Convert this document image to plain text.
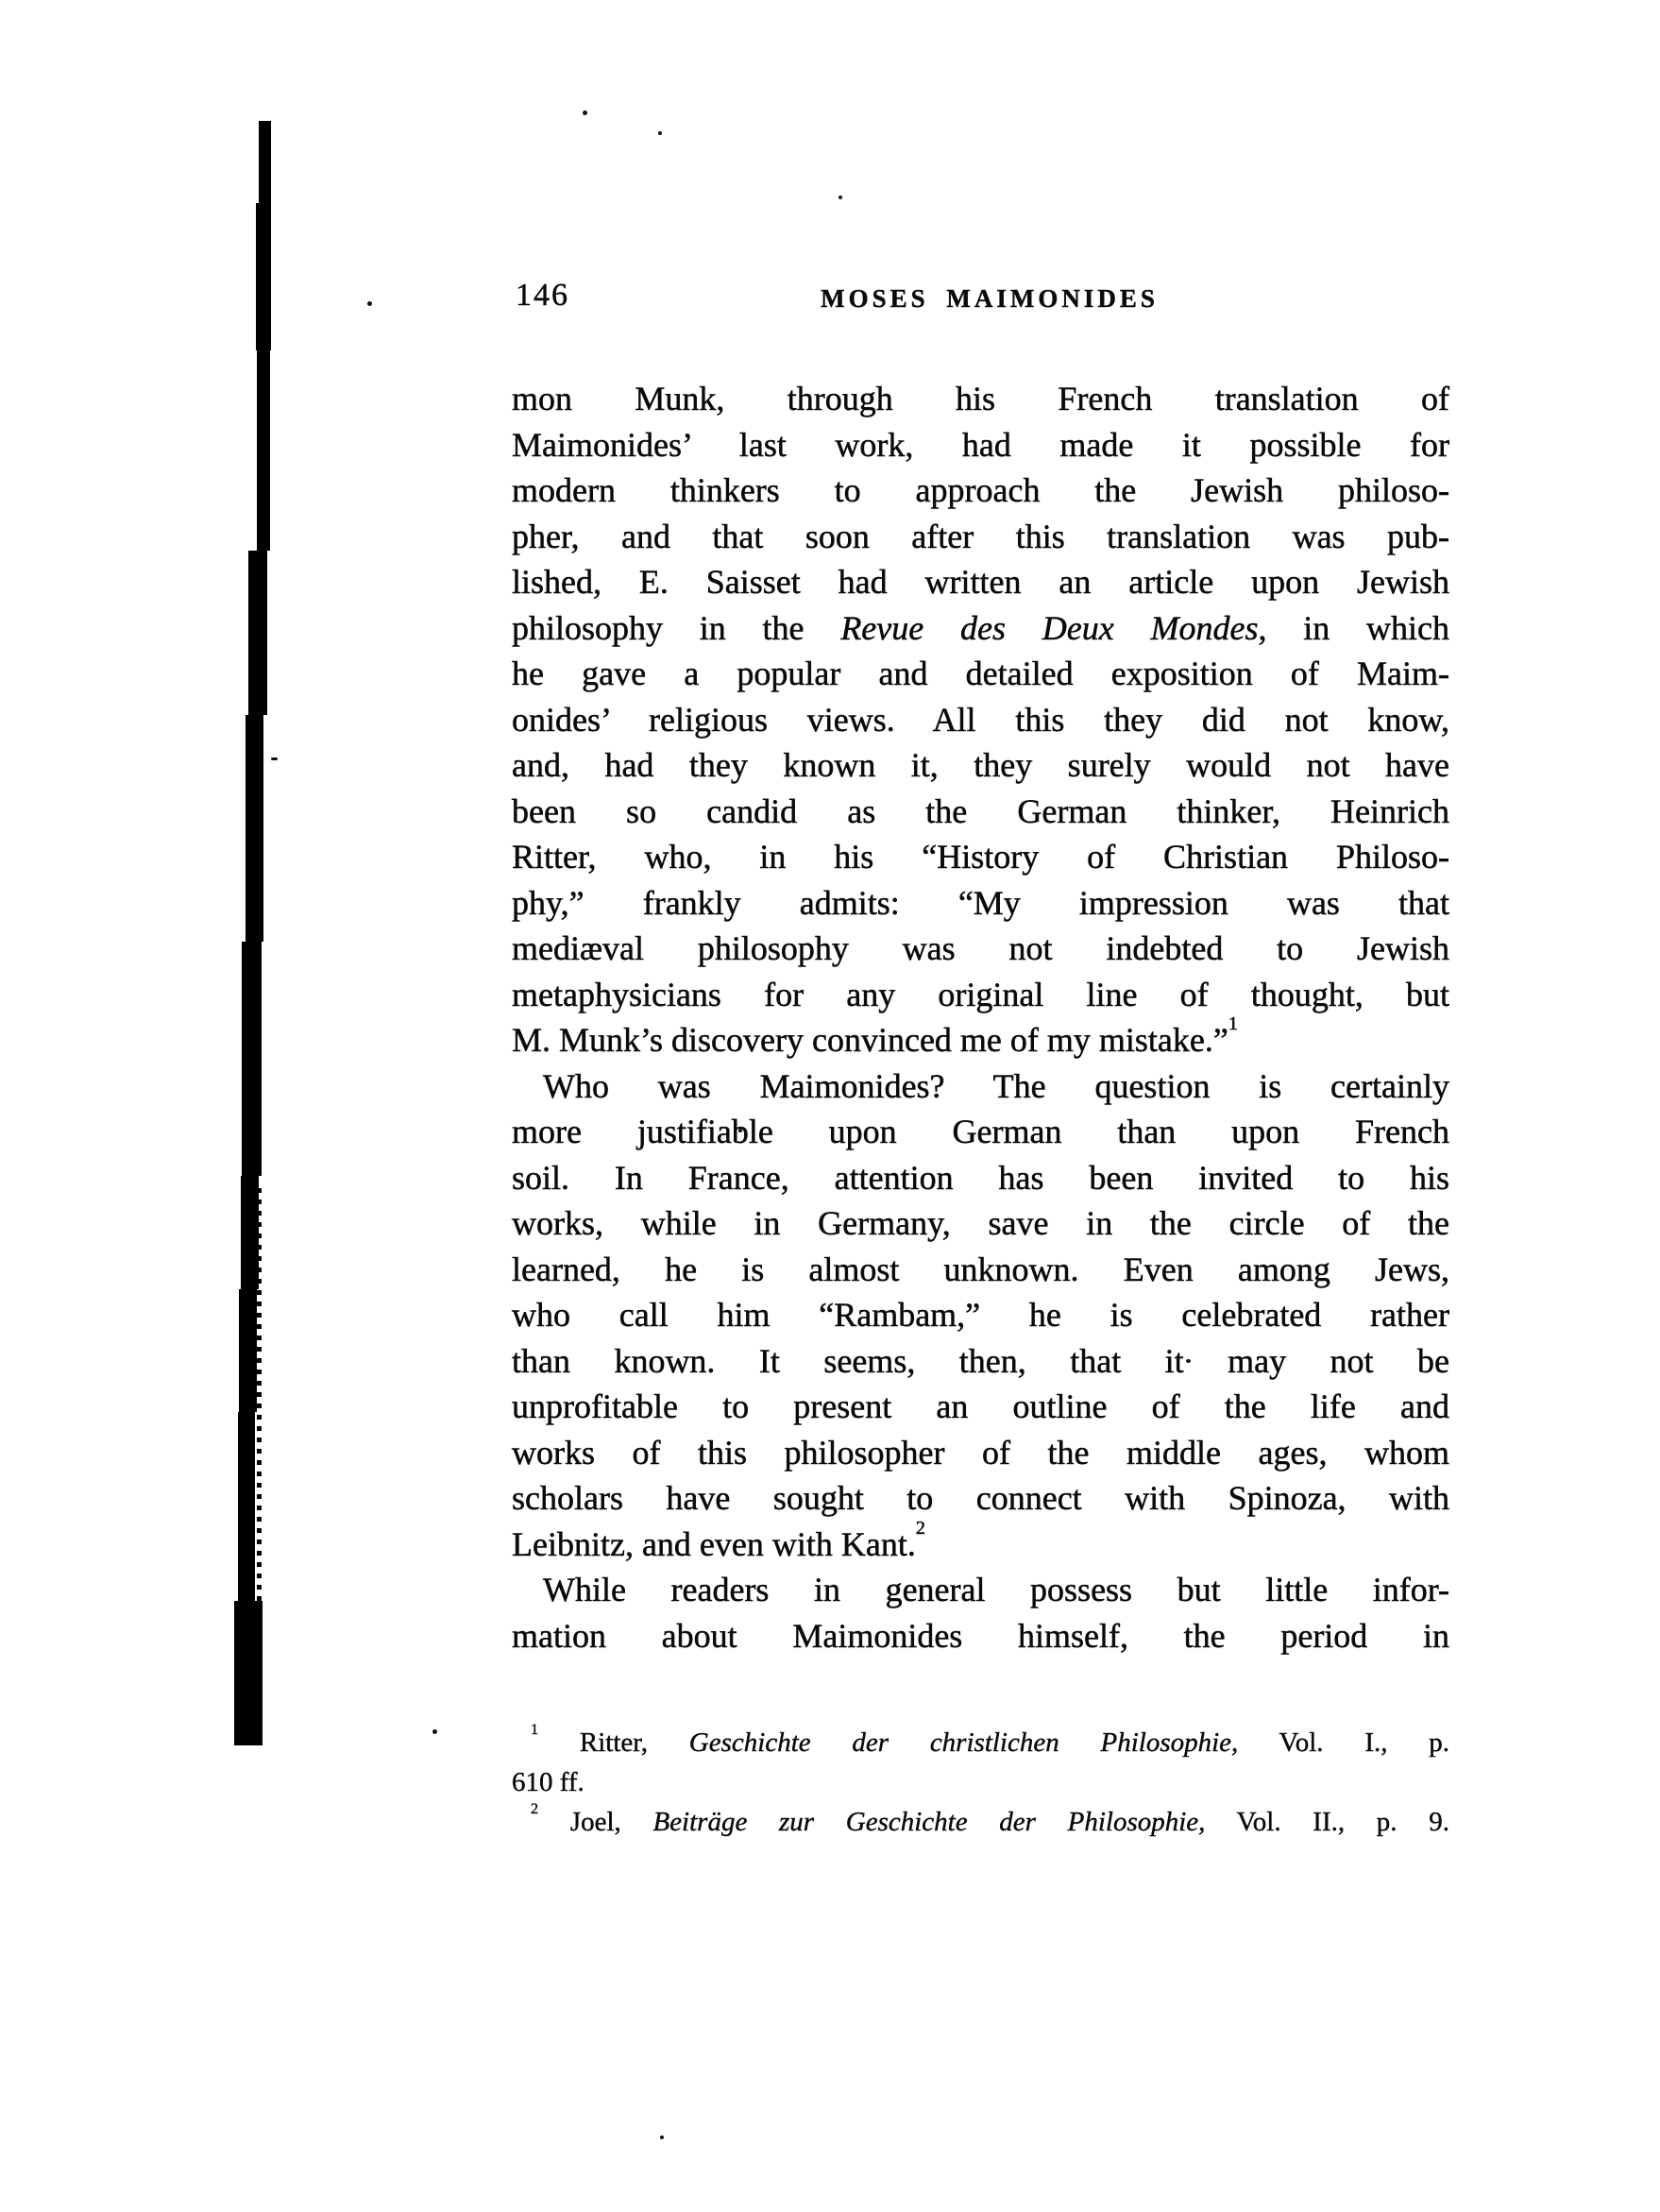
146	MOSES MAIMONIDES
mon Munk, through his French translation of
Maimonides’ last work, had made it possible for
modern thinkers to approach the Jewish philoso-
pher, and that soon after this translation was pub-
lished, E. Saisset had written an article upon Jewish
philosophy in the Revue des Deux Mondes, in which
he gave a popular and detailed exposition of Maim-
onides’ religious views. All this they did not know,
and, had they known it, they surely would not have
been so candid as the German thinker, Heinrich
Ritter, who, in his “History of Christian Philoso-
phy,” frankly admits: “My impression was that
mediæval philosophy was not indebted to Jewish
metaphysicians for any original line of thought, but
M. Munk’s discovery convinced me of my mistake.”$^1$
Who was Maimonides? The question is certainly
more justifiable upon German than upon French
soil. In France, attention has been invited to his
works, while in Germany, save in the circle of the
learned, he is almost unknown. Even among Jews,
who call him “Rambam,” he is celebrated rather
than known. It seems, then, that it may not be
unprofitable to present an outline of the life and
works of this philosopher of the middle ages, whom
scholars have sought to connect with Spinoza, with
Leibnitz, and even with Kant.$^2$
While readers in general possess but little infor-
mation about Maimonides himself, the period in
$^1$ Ritter, Geschichte der christlichen Philosophie, Vol. I., p.
610 ff.
$^2$ Joel, Beiträge zur Geschichte der Philosophie, Vol. II., p. 9.
